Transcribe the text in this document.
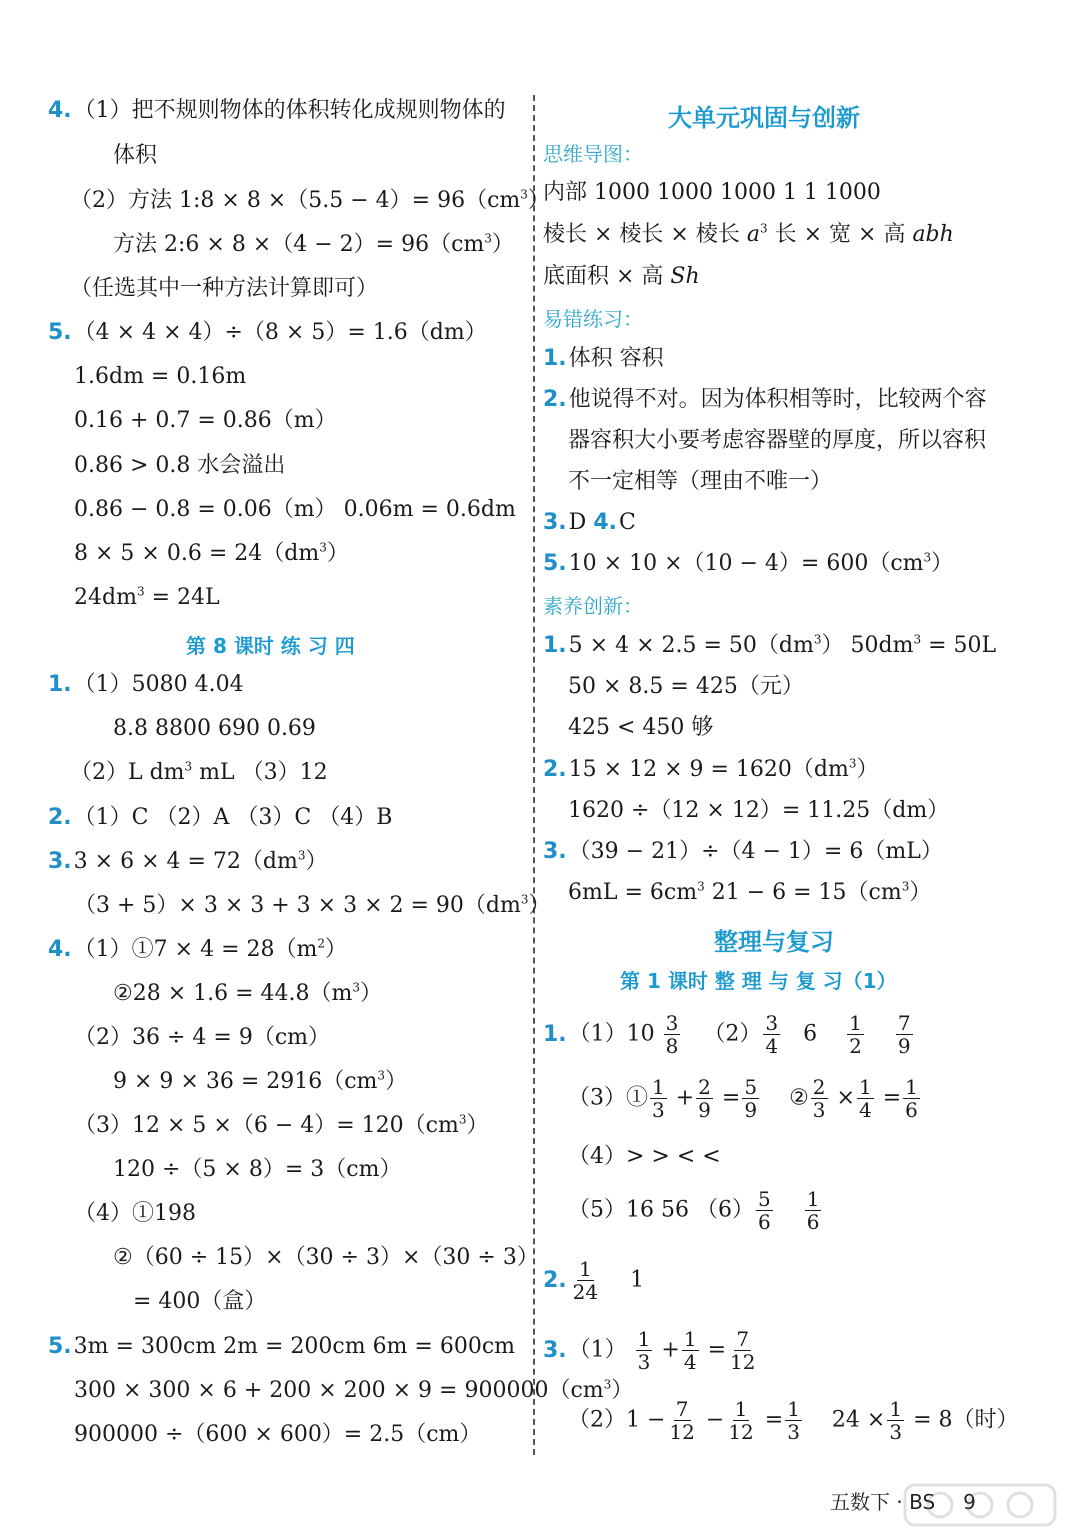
4.（1）把不规则物体的体积转化成规则物体的
体积
（2）方法 1:8 × $8 \times(5.5 - 4)= 96(cm^3)$
方法 2:6 × $8 \times(4 - 2)= 96(cm^3)$
（任选其中一种方法计算即可）
5.（4 × 4 × 4）÷（8 × 5）= 1.6（dm）
1.6dm = 0.16m
0.16 + 0.7 = 0.86（m）
0.86 > 0.8 水会溢出
0.86 − 0.8 = 0.06（m） 0.06m = 0.6dm
$8 \times 5 \times 0.6 = 24(dm^3)$
$24dm^3 = 24L$
第 8 课时 练 习 四
1.（1）5080 4.04
8.8 8800 690 0.69
（2）L $dm^3$ mL （3）12
2.（1）C （2）A （3）C （4）B
$3.3 \times 6 \times 4 = 72(dm^3)$
$(3 + 5)\times 3 \times 3 + 3 \times 3 \times 2 = 90(dm^3)$
4.（1）①7 × $4 = 28(m^2)$
②28 × $1.6 = 44.8(m^3)$
（2）36 ÷ 4 = 9（cm）
$9 \times 9 \times 36 = 2916(cm^3)$
$(3)12 \times 5 \times(6 - 4)= 120(cm^3)$
120 ÷（5 × 8）= 3（cm）
（4）①198
②（60 ÷ 15）×（30 ÷ 3）×（30 ÷ 3）
= 400（盒）
5.3m = 300cm 2m = 200cm 6m = 600cm
$300 \times 300 \times 6 + 200 \times 200 \times 9 = 900000(cm^3)$
900000 ÷（600 × 600）= 2.5（cm）
大单元巩固与创新
思维导图：
内部 1000 1000 1000 1 1 1000
棱长 × 棱长 × 棱长 $a^3$ 长 × 宽 × 高 abh
底面积 × 高 Sh
易错练习：
1.体积 容积
2.他说得不对。因为体积相等时，比较两个容
器容积大小要考虑容器壁的厚度，所以容积
不一定相等（理由不唯一）
3.D 4.C
$5.10 \times 10 \times(10 - 4)= 600(cm^3)$
素养创新：
$1.5 \times 4 \times 2.5 = 50(dm^3) 50dm^3 = 50L$
50 × 8.5 = 425（元）
425 < 450 够
$2.15 \times 12 \times 9 = 1620(dm^3)$
1620 ÷（12 × 12）= 11.25（dm）
3.（39 − 21）÷（4 − 1）= 6（mL）
$6mL = 6cm^3$ $21 - 6 = 15(cm^3)$
整理与复习
第 1 课时 整 理 与 复 习（1）
$1.(1)10 \frac{3}{8} (2) \frac{3}{4} 6 \frac{1}{2}$
$\frac{7}{9}$
（3）① $\frac{1}{3} + \frac{2}{9} = \frac{5}{9}$ ② $\frac{2}{3} \times \frac{1}{4} = \frac{1}{6}$
（4）> > < <
（5）16 56 $(6) \frac{5}{6}$
$\frac{1}{6}$
2. $\frac{1}{24} 1$
$3.(1) \frac{1}{3} + \frac{1}{4} = \frac{7}{12}$
$(2)1 - \frac{7}{12} - \frac{1}{12} = \frac{1}{3} 24 \times \frac{1}{3} = 8$（时）
五数下 · BS 9
